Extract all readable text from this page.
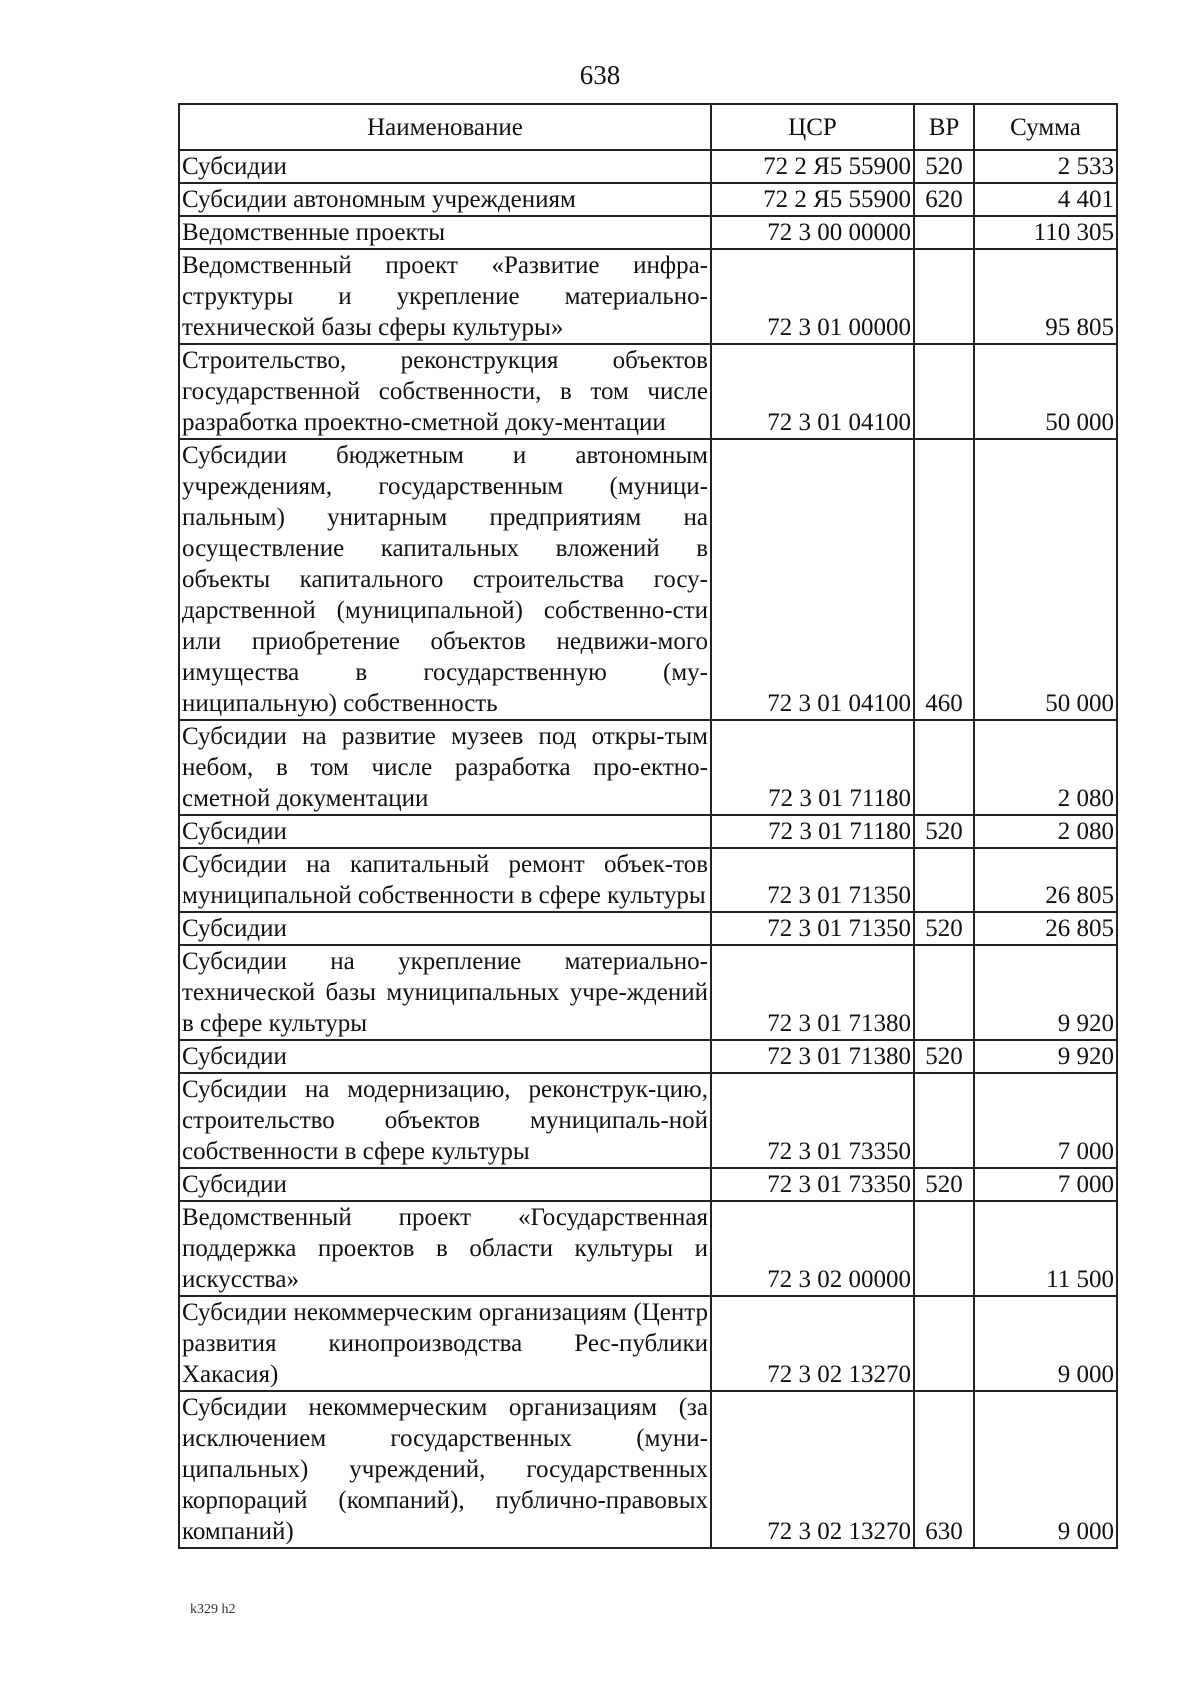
638
Наименование	ЦСР	ВР	Сумма
Субсидии	72 2 Я5 55900	520	2 533
Субсидии автономным учреждениям	72 2 Я5 55900	620	4 401
Ведомственные проекты	72 3 00 00000		110 305
Ведомственный проект «Развитие инфра-структуры и укрепление материально-технической базы сферы культуры»	72 3 01 00000		95 805
Строительство, реконструкция объектов государственной собственности, в том числе разработка проектно-сметной доку-ментации	72 3 01 04100		50 000
Субсидии бюджетным и автономным учреждениям, государственным (муници-пальным) унитарным предприятиям на осуществление капитальных вложений в объекты капитального строительства госу-дарственной (муниципальной) собственно-сти или приобретение объектов недвижи-мого имущества в государственную (му-ниципальную) собственность	72 3 01 04100	460	50 000
Субсидии на развитие музеев под откры-тым небом, в том числе разработка про-ектно-сметной документации	72 3 01 71180		2 080
Субсидии	72 3 01 71180	520	2 080
Субсидии на капитальный ремонт объек-тов муниципальной собственности в сфере культуры	72 3 01 71350		26 805
Субсидии	72 3 01 71350	520	26 805
Субсидии на укрепление материально-технической базы муниципальных учре-ждений в сфере культуры	72 3 01 71380		9 920
Субсидии	72 3 01 71380	520	9 920
Субсидии на модернизацию, реконструк-цию, строительство объектов муниципаль-ной собственности в сфере культуры	72 3 01 73350		7 000
Субсидии	72 3 01 73350	520	7 000
Ведомственный проект «Государственная поддержка проектов в области культуры и искусства»	72 3 02 00000		11 500
Субсидии некоммерческим организациям (Центр развития кинопроизводства Рес-публики Хакасия)	72 3 02 13270		9 000
Субсидии некоммерческим организациям (за исключением государственных (муни-ципальных) учреждений, государственных корпораций (компаний), публично-правовых компаний)	72 3 02 13270	630	9 000
k329 h2
